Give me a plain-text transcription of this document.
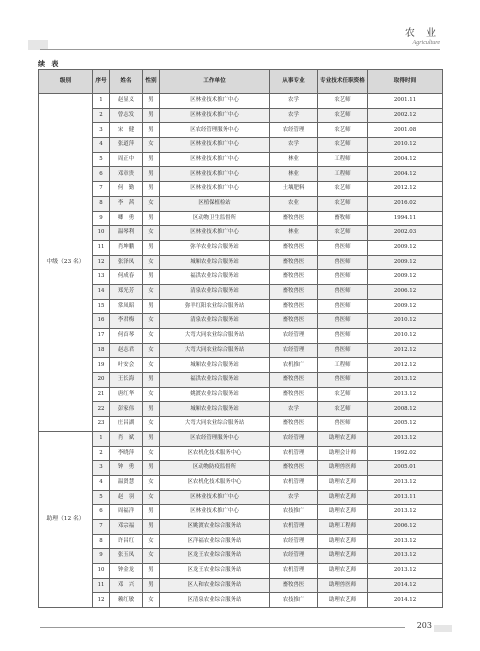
农 业
Agriculture
续 表
级别	序号	姓名	性别	工作单位	从事专业	专业技术任职资格	取得时间
中级（23 名）	1	赵显义	男	区林业技术推广中心	农学	农艺师	2001.11
	2	曾志发	男	区林业技术推广中心	农学	农艺师	2002.12
	3	宋　健	男	区农经管理服务中心	农经管理	农艺师	2001.08
	4	张道萍	女	区林业技术推广中心	农学	农艺师	2010.12
	5	周正中	男	区林业技术推广中心	林业	工程师	2004.12
	6	邓章贵	男	区林业技术推广中心	林业	工程师	2004.12
	7	何　勤	男	区林业技术推广中心	土壤肥料	农艺师	2012.12
	8	李　茜	女	区植保植检站	农业	农艺师	2016.02
	9	卿　勇	男	区动物卫生监督所	畜牧兽医	畜牧师	1994.11
	10	温琴利	女	区林业技术推广中心	林业	农艺师	2002.03
	11	肖坤鹏	男	弥羊农业综合服务站	畜牧兽医	兽医师	2009.12
	12	张泽凤	女	城厢农业综合服务站	畜牧兽医	兽医师	2009.12
	13	何成春	男	福洪农业综合服务站	畜牧兽医	兽医师	2009.12
	14	郑光芳	女	清泉农业综合服务站	畜牧兽医	兽医师	2006.12
	15	常凤昭	男	弥羊红阳农业综合服务站	畜牧兽医	兽医师	2009.12
	16	李君梅	女	清泉农业综合服务站	畜牧兽医	兽医师	2010.12
	17	何首琴	女	大弯大同农业综合服务站	农经管理	兽医师	2010.12
	18	赵志君	女	大弯大同农业综合服务站	农经管理	兽医师	2012.12
	19	叶安会	女	城厢农业综合服务站	农机推广	工程师	2012.12
	20	王长海	男	福洪农业综合服务站	畜牧兽医	兽医师	2013.12
	21	唐红华	女	姚渡农业综合服务站	畜牧兽医	农艺师	2013.12
	22	彭家伟	男	城厢农业综合服务站	农学	农艺师	2008.12
	23	庄昌湖	女	大弯大同农业综合服务站	畜牧兽医	兽医师	2005.12
助理（12 名）	1	肖　斌	男	区农经管理服务中心	农经管理	助理农艺师	2013.12
	2	李晓萍	女	区农机化技术服务中心	农机管理	助理会计师	1992.02
	3	钟　勇	男	区动物防疫监督所	畜牧兽医	助理兽医师	2005.01
	4	温贤慧	女	区农机化技术服务中心	农机管理	助理农艺师	2013.12
	5	赵　羽	女	区林业技术推广中心	农学	助理农艺师	2013.11
	6	周福洋	男	区林业技术推广中心	农技推广	助理农艺师	2013.12
	7	邓宗福	男	区姚渡农业综合服务站	农机管理	助理工程师	2006.12
	8	许昌红	女	区洋福农业综合服务站	农经管理	助理农艺师	2013.12
	9	张玉凤	女	区龙王农业综合服务站	农经管理	助理农艺师	2013.12
	10	钟金龙	男	区龙王农业综合服务站	农机管理	助理农艺师	2013.12
	11	邓　兴	男	区人和农业综合服务站	畜牧兽医	助理兽医师	2014.12
	12	赖红敏	女	区清泉农业综合服务站	农技推广	助理农艺师	2014.12
203
